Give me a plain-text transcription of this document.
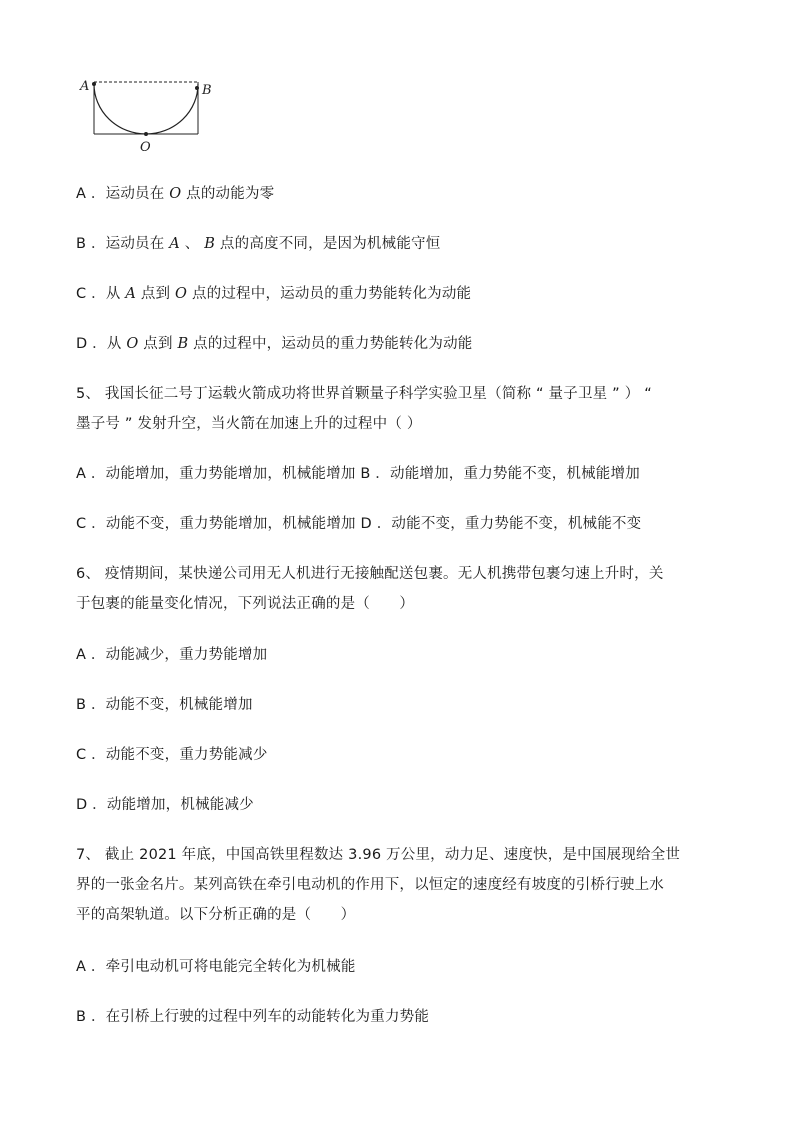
A	B
O
A ．运动员在 O 点的动能为零
B ．运动员在 A 、 B 点的高度不同，是因为机械能守恒
C ．从 A 点到 O 点的过程中，运动员的重力势能转化为动能
D ．从 O 点到 B 点的过程中，运动员的重力势能转化为动能
5、 我国长征二号丁运载火箭成功将世界首颗量子科学实验卫星（简称 “ 量子卫星 ” ） “
墨子号 ” 发射升空，当火箭在加速上升的过程中（ ）
A ．动能增加，重力势能增加，机械能增加 B ．动能增加，重力势能不变，机械能增加
C ．动能不变，重力势能增加，机械能增加 D ．动能不变，重力势能不变，机械能不变
6、 疫情期间，某快递公司用无人机进行无接触配送包裹。无人机携带包裹匀速上升时，关
于包裹的能量变化情况，下列说法正确的是（　　）
A ．动能减少，重力势能增加
B ．动能不变，机械能增加
C ．动能不变，重力势能减少
D ．动能增加，机械能减少
7、 截止 2021 年底，中国高铁里程数达 3.96 万公里，动力足、速度快，是中国展现给全世
界的一张金名片。某列高铁在牵引电动机的作用下，以恒定的速度经有坡度的引桥行驶上水
平的高架轨道。以下分析正确的是（　　）
A ．牵引电动机可将电能完全转化为机械能
B ．在引桥上行驶的过程中列车的动能转化为重力势能
